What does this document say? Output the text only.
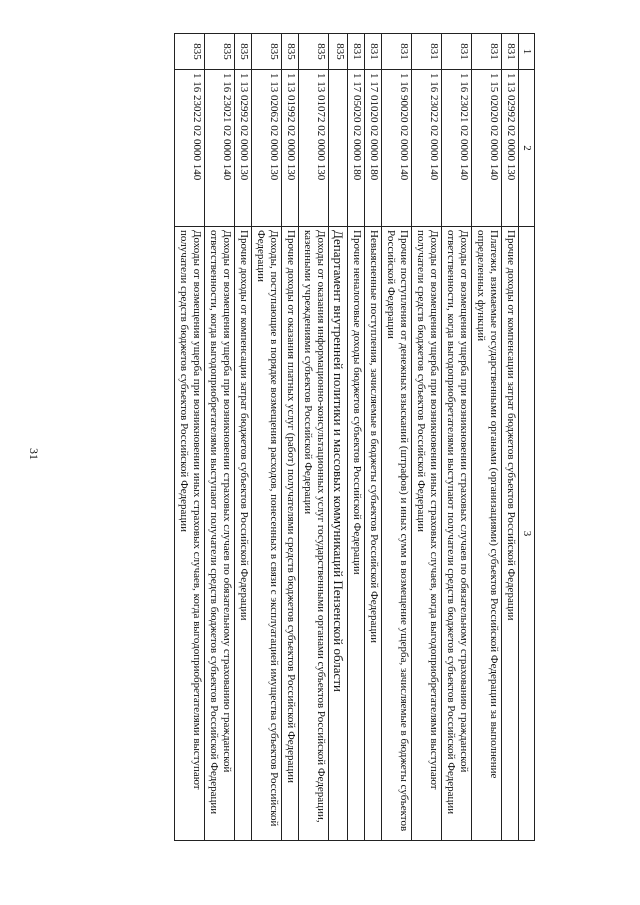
31
1	2	3
831	1 13 02992 02 0000 130	Прочие доходы от компенсации затрат бюджетов субъектов Российской Федерации
831	1 15 02020 02 0000 140	Платежи, взимаемые государственными органами (организациями) субъектов Российской Федерации за выполнение определенных функций
831	1 16 23021 02 0000 140	Доходы от возмещения ущерба при возникновении страховых случаев по обязательному страхованию гражданской ответственности, когда выгодоприобретателями выступают получатели средств бюджетов субъектов Российской Федерации
831	1 16 23022 02 0000 140	Доходы от возмещения ущерба при возникновении иных страховых случаев, когда выгодоприобретателями выступают получатели средств бюджетов субъектов Российской Федерации
831	1 16 90020 02 0000 140	Прочие поступления от денежных взысканий (штрафов) и иных сумм в возмещение ущерба, зачисляемые в бюджеты субъектов Российской Федерации
831	1 17 01020 02 0000 180	Невыясненные поступления, зачисляемые в бюджеты субъектов Российской Федерации
831	1 17 05020 02 0000 180	Прочие неналоговые доходы бюджетов субъектов Российской Федерации
835		Департамент внутренней политики и массовых коммуникаций Пензенской области
835	1 13 01072 02 0000 130	Доходы от оказания информационно-консультационных услуг государственными органами субъектов Российской Федерации, казенными учреждениями субъектов Российской Федерации
835	1 13 01992 02 0000 130	Прочие доходы от оказания платных услуг (работ) получателями средств бюджетов субъектов Российской Федерации
835	1 13 02062 02 0000 130	Доходы, поступающие в порядке возмещения расходов, понесенных в связи с эксплуатацией имущества субъектов Российской Федерации
835	1 13 02992 02 0000 130	Прочие доходы от компенсации затрат бюджетов субъектов Российской Федерации
835	1 16 23021 02 0000 140	Доходы от возмещения ущерба при возникновении страховых случаев по обязательному страхованию гражданской ответственности, когда выгодоприобретателями выступают получатели средств бюджетов субъектов Российской Федерации
835	1 16 23022 02 0000 140	Доходы от возмещения ущерба при возникновении иных страховых случаев, когда выгодоприобретателями выступают получатели средств бюджетов субъектов Российской Федерации
